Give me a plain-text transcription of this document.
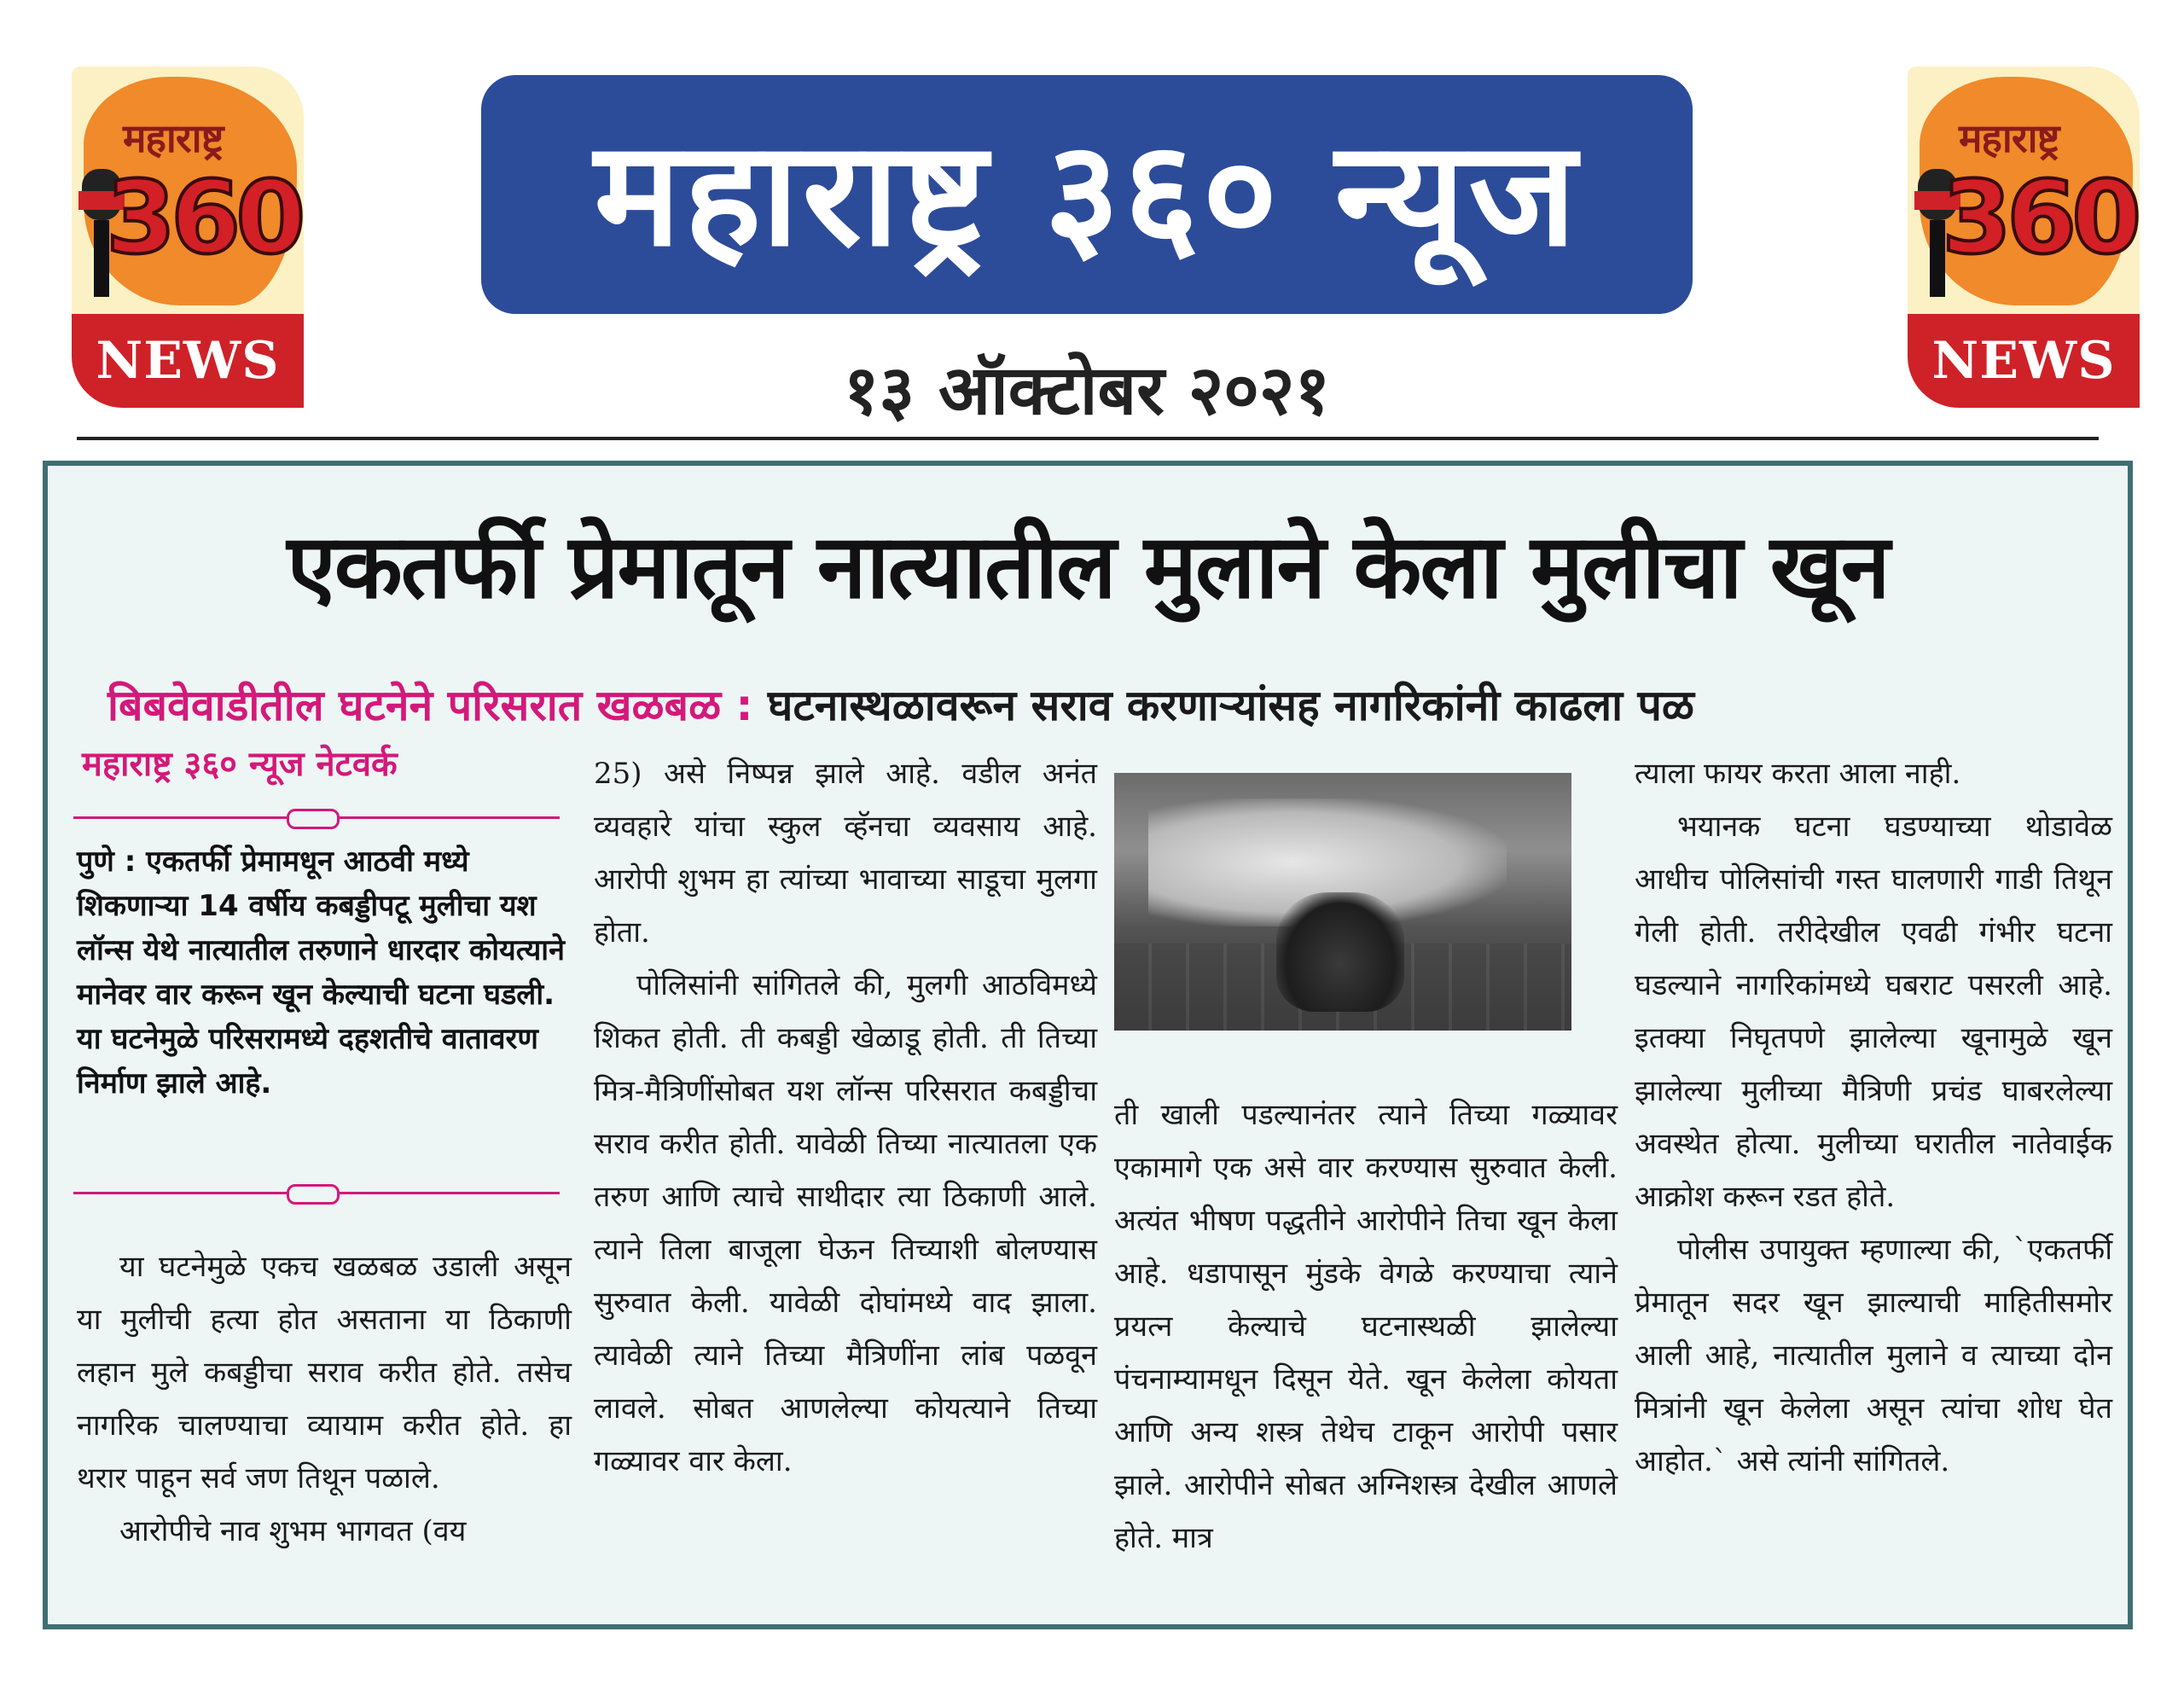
महाराष्ट्र
360
NEWS
महाराष्ट्र
360
NEWS
महाराष्ट्र ३६० न्यूज
१३ ऑक्टोबर २०२१
एकतर्फी प्रेमातून नात्यातील मुलाने केला मुलीचा खून
बिबवेवाडीतील घटनेने परिसरात खळबळ : घटनास्थळावरून सराव करणाऱ्यांसह नागरिकांनी काढला पळ
महाराष्ट्र ३६० न्यूज नेटवर्क
पुणे : एकतर्फी प्रेमामधून आठवी मध्ये शिकणाऱ्या 14 वर्षीय कबड्डीपटू मुलीचा यश लॉन्स येथे नात्यातील तरुणाने धारदार कोयत्याने मानेवर वार करून खून केल्याची घटना घडली. या घटनेमुळे परिसरामध्ये दहशतीचे वातावरण निर्माण झाले आहे.

या घटनेमुळे एकच खळबळ उडाली असून या मुलीची हत्या होत असताना या ठिकाणी लहान मुले कबड्डीचा सराव करीत होते. तसेच नागरिक चालण्याचा व्यायाम करीत होते. हा थरार पाहून सर्व जण तिथून पळाले.

आरोपीचे नाव शुभम भागवत (वय

25) असे निष्पन्न झाले आहे. वडील अनंत व्यवहारे यांचा स्कुल व्हॅनचा व्यवसाय आहे. आरोपी शुभम हा त्यांच्या भावाच्या साडूचा मुलगा होता.

पोलिसांनी सांगितले की, मुलगी आठविमध्ये शिकत होती. ती कबड्डी खेळाडू होती. ती तिच्या मित्र-मैत्रिणींसोबत यश लॉन्स परिसरात कबड्डीचा सराव करीत होती. यावेळी तिच्या नात्यातला एक तरुण आणि त्याचे साथीदार त्या ठिकाणी आले. त्याने तिला बाजूला घेऊन तिच्याशी बोलण्यास सुरुवात केली. यावेळी दोघांमध्ये वाद झाला. त्यावेळी त्याने तिच्या मैत्रिणींना लांब पळवून लावले. सोबत आणलेल्या कोयत्याने तिच्या गळ्यावर वार केला.

ती खाली पडल्यानंतर त्याने तिच्या गळ्यावर एकामागे एक असे वार करण्यास सुरुवात केली. अत्यंत भीषण पद्धतीने आरोपीने तिचा खून केला आहे. धडापासून मुंडके वेगळे करण्याचा त्याने प्रयत्न केल्याचे घटनास्थळी झालेल्या पंचनाम्यामधून दिसून येते. खून केलेला कोयता आणि अन्य शस्त्र तेथेच टाकून आरोपी पसार झाले. आरोपीने सोबत अग्निशस्त्र देखील आणले होते. मात्र

त्याला फायर करता आला नाही.

भयानक घटना घडण्याच्या थोडावेळ आधीच पोलिसांची गस्त घालणारी गाडी तिथून गेली होती. तरीदेखील एवढी गंभीर घटना घडल्याने नागरिकांमध्ये घबराट पसरली आहे. इतक्या निघृतपणे झालेल्या खूनामुळे खून झालेल्या मुलीच्या मैत्रिणी प्रचंड घाबरलेल्या अवस्थेत होत्या. मुलीच्या घरातील नातेवाईक आक्रोश करून रडत होते.

पोलीस उपायुक्त म्हणाल्या की, `एकतर्फी प्रेमातून सदर खून झाल्याची माहितीसमोर आली आहे, नात्यातील मुलाने व त्याच्या दोन मित्रांनी खून केलेला असून त्यांचा शोध घेत आहोत.` असे त्यांनी सांगितले.
